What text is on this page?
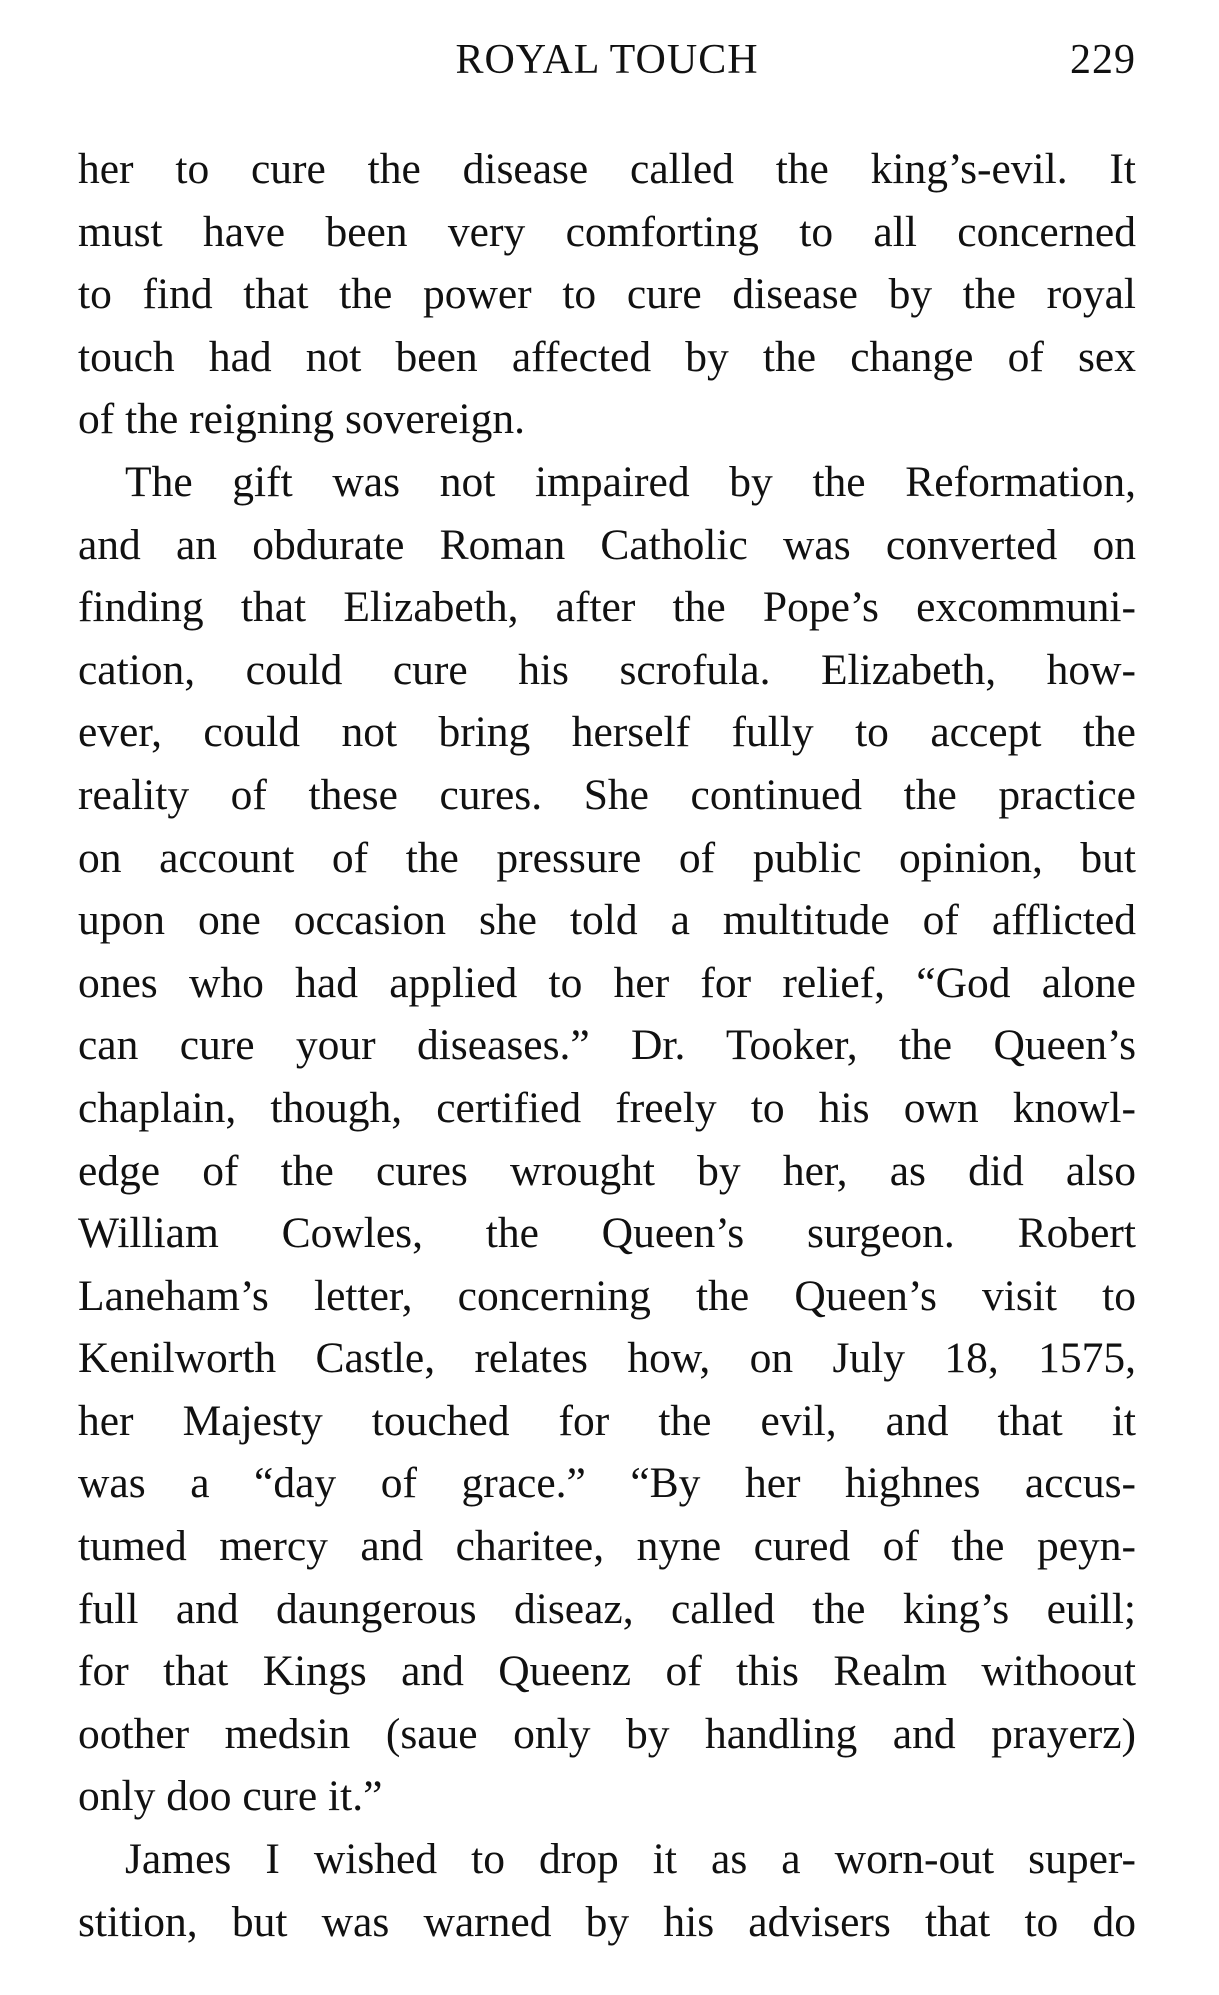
ROYAL TOUCH	229
her to cure the disease called the king’s-evil. It
must have been very comforting to all concerned
to find that the power to cure disease by the royal
touch had not been affected by the change of sex
of the reigning sovereign.
The gift was not impaired by the Reformation,
and an obdurate Roman Catholic was converted on
finding that Elizabeth, after the Pope’s excommuni-
cation, could cure his scrofula. Elizabeth, how-
ever, could not bring herself fully to accept the
reality of these cures. She continued the practice
on account of the pressure of public opinion, but
upon one occasion she told a multitude of afflicted
ones who had applied to her for relief, “God alone
can cure your diseases.” Dr. Tooker, the Queen’s
chaplain, though, certified freely to his own knowl-
edge of the cures wrought by her, as did also
William Cowles, the Queen’s surgeon. Robert
Laneham’s letter, concerning the Queen’s visit to
Kenilworth Castle, relates how, on July 18, 1575,
her Majesty touched for the evil, and that it
was a “day of grace.” “By her highnes accus-
tumed mercy and charitee, nyne cured of the peyn-
full and daungerous diseaz, called the king’s euill;
for that Kings and Queenz of this Realm withoout
oother medsin (saue only by handling and prayerz)
only doo cure it.”
James I wished to drop it as a worn-out super-
stition, but was warned by his advisers that to do
